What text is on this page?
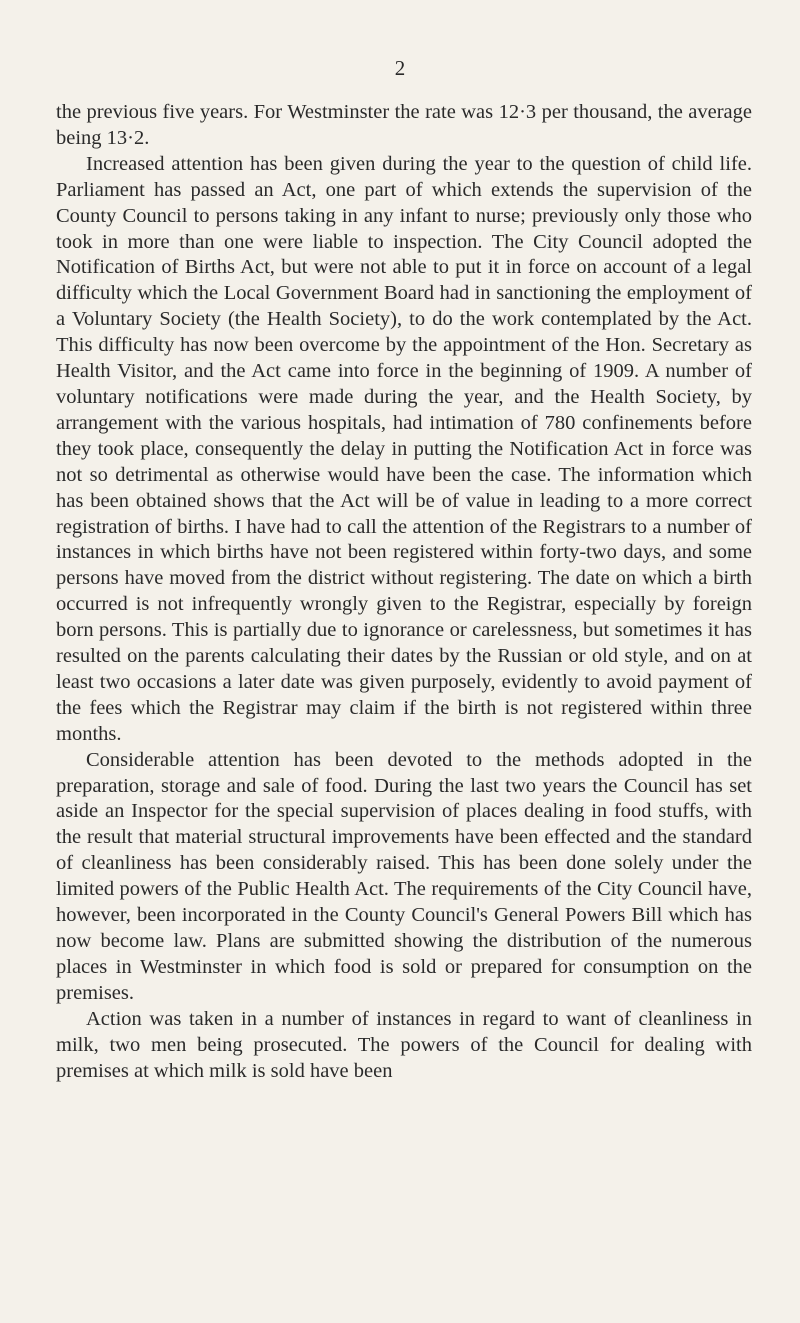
2

the previous five years. For Westminster the rate was 12·3 per thousand, the average being 13·2.

Increased attention has been given during the year to the question of child life. Parliament has passed an Act, one part of which extends the supervision of the County Council to persons taking in any infant to nurse; previously only those who took in more than one were liable to inspection. The City Council adopted the Notification of Births Act, but were not able to put it in force on account of a legal difficulty which the Local Government Board had in sanctioning the employment of a Voluntary Society (the Health Society), to do the work contemplated by the Act. This difficulty has now been overcome by the appointment of the Hon. Secretary as Health Visitor, and the Act came into force in the beginning of 1909. A number of voluntary notifications were made during the year, and the Health Society, by arrangement with the various hospitals, had intimation of 780 confinements before they took place, consequently the delay in putting the Notification Act in force was not so detrimental as otherwise would have been the case. The information which has been obtained shows that the Act will be of value in leading to a more correct registration of births. I have had to call the attention of the Registrars to a number of instances in which births have not been registered within forty-two days, and some persons have moved from the district without registering. The date on which a birth occurred is not infrequently wrongly given to the Registrar, especially by foreign born persons. This is partially due to ignorance or carelessness, but sometimes it has resulted on the parents calculating their dates by the Russian or old style, and on at least two occasions a later date was given purposely, evidently to avoid payment of the fees which the Registrar may claim if the birth is not registered within three months.

Considerable attention has been devoted to the methods adopted in the preparation, storage and sale of food. During the last two years the Council has set aside an Inspector for the special supervision of places dealing in food stuffs, with the result that material structural improvements have been effected and the standard of cleanliness has been considerably raised. This has been done solely under the limited powers of the Public Health Act. The requirements of the City Council have, however, been incorporated in the County Council's General Powers Bill which has now become law. Plans are submitted showing the distribution of the numerous places in Westminster in which food is sold or prepared for consumption on the premises.

Action was taken in a number of instances in regard to want of cleanliness in milk, two men being prosecuted. The powers of the Council for dealing with premises at which milk is sold have been
